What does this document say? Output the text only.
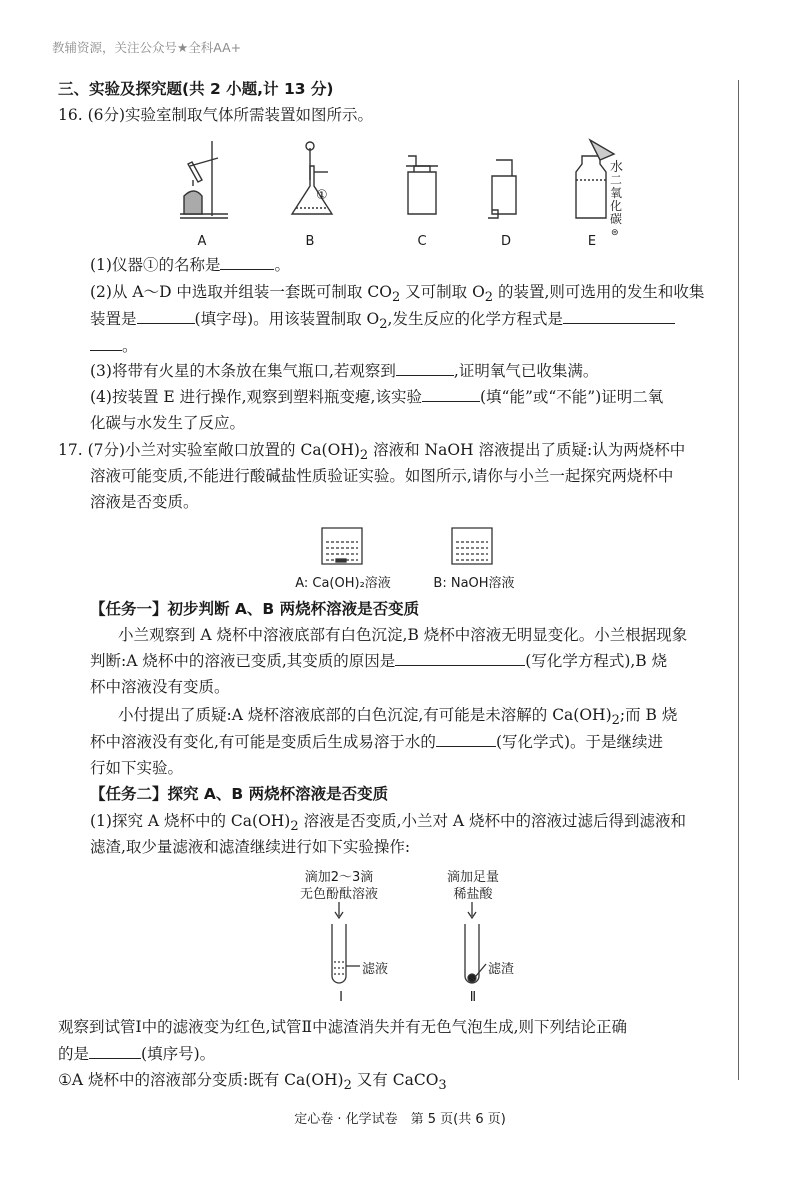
教辅资源，关注公众号★全科AA+
三、实验及探究题(共 2 小题,计 13 分)
16. (6分)实验室制取气体所需装置如图所示。
①
水
二氧化碳
⊜
A	B	C	D	E
(1)仪器①的名称是	。
(2)从 A～D 中选取并组装一套既可制取 $CO_2$ 又可制取 $O_2$ 的装置,则可选用的发生和收集
装置是	(填字母)。用该装置制取 $O_2$,发生反应的化学方程式是
。
(3)将带有火星的木条放在集气瓶口,若观察到	,证明氧气已收集满。
(4)按装置 E 进行操作,观察到塑料瓶变瘪,该实验	(填“能”或“不能”)证明二氧
化碳与水发生了反应。
17. (7分)小兰对实验室敞口放置的 $Ca(OH)_2$ 溶液和 NaOH 溶液提出了质疑:认为两烧杯中
溶液可能变质,不能进行酸碱盐性质验证实验。如图所示,请你与小兰一起探究两烧杯中
溶液是否变质。
A: Ca(OH)₂溶液	B: NaOH溶液
【任务一】初步判断 A、B 两烧杯溶液是否变质
小兰观察到 A 烧杯中溶液底部有白色沉淀,B 烧杯中溶液无明显变化。小兰根据现象
判断:A 烧杯中的溶液已变质,其变质的原因是	(写化学方程式),B 烧
杯中溶液没有变质。
小付提出了质疑:A 烧杯溶液底部的白色沉淀,有可能是未溶解的 $Ca(OH)_2$;而 B 烧
杯中溶液没有变化,有可能是变质后生成易溶于水的	(写化学式)。于是继续进
行如下实验。
【任务二】探究 A、B 两烧杯溶液是否变质
(1)探究 A 烧杯中的 $Ca(OH)_2$ 溶液是否变质,小兰对 A 烧杯中的溶液过滤后得到滤液和
滤渣,取少量滤液和滤渣继续进行如下实验操作:
滴加2～3滴
无色酚酞溶液
滴加足量
稀盐酸
滤液	滤渣
Ⅰ	Ⅱ
观察到试管Ⅰ中的滤液变为红色,试管Ⅱ中滤渣消失并有无色气泡生成,则下列结论正确
的是	(填序号)。
①A 烧杯中的溶液部分变质:既有 $Ca(OH)_2$ 又有 CaCO$_3$
定心卷 · 化学试卷　第 5 页(共 6 页)
